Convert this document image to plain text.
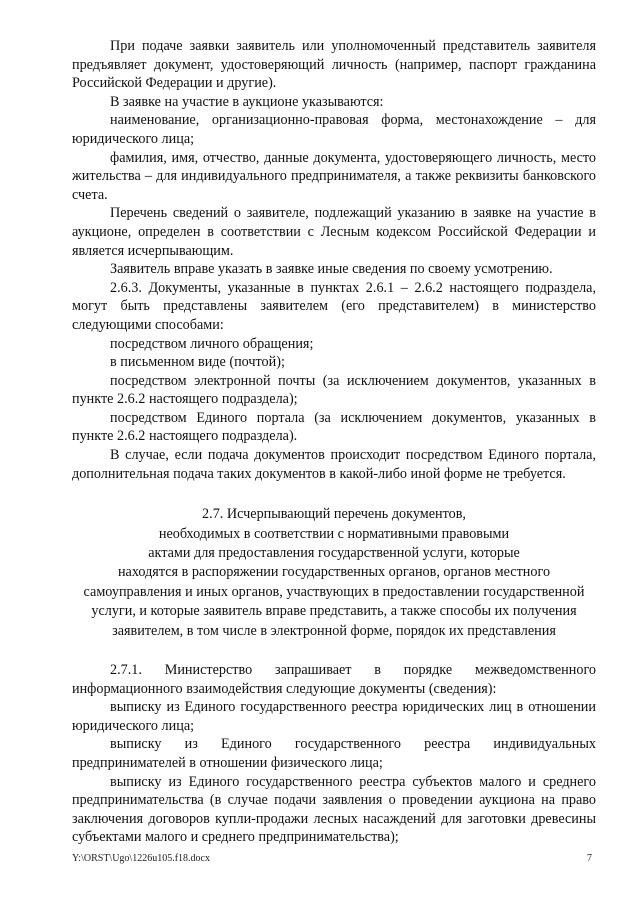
При подаче заявки заявитель или уполномоченный представитель заявителя предъявляет документ, удостоверяющий личность (например, паспорт гражданина Российской Федерации и другие).

В заявке на участие в аукционе указываются:

наименование, организационно-правовая форма, местонахождение – для юридического лица;

фамилия, имя, отчество, данные документа, удостоверяющего личность, место жительства – для индивидуального предпринимателя, а также реквизиты банковского счета.

Перечень сведений о заявителе, подлежащий указанию в заявке на участие в аукционе, определен в соответствии с Лесным кодексом Российской Федерации и является исчерпывающим.

Заявитель вправе указать в заявке иные сведения по своему усмотрению.

2.6.3. Документы, указанные в пунктах 2.6.1 – 2.6.2 настоящего подраздела, могут быть представлены заявителем (его представителем) в министерство следующими способами:

посредством личного обращения;

в письменном виде (почтой);

посредством электронной почты (за исключением документов, указанных в пункте 2.6.2 настоящего подраздела);

посредством Единого портала (за исключением документов, указанных в пункте 2.6.2 настоящего подраздела).

В случае, если подача документов происходит посредством Единого портала, дополнительная подача таких документов в какой-либо иной форме не требуется.

2.7. Исчерпывающий перечень документов,
необходимых в соответствии с нормативными правовыми
актами для предоставления государственной услуги, которые
находятся в распоряжении государственных органов, органов местного
самоуправления и иных органов, участвующих в предоставлении государственной
услуги, и которые заявитель вправе представить, а также способы их получения
заявителем, в том числе в электронной форме, порядок их представления

2.7.1. Министерство запрашивает в порядке межведомственного информационного взаимодействия следующие документы (сведения):

выписку из Единого государственного реестра юридических лиц в отношении юридического лица;

выписку из Единого государственного реестра индивидуальных предпринимателей в отношении физического лица;

выписку из Единого государственного реестра субъектов малого и среднего предпринимательства (в случае подачи заявления о проведении аукциона на право заключения договоров купли-продажи лесных насаждений для заготовки древесины субъектами малого и среднего предпринимательства);

Y:\ORST\Ugo\1226u105.f18.docx	7
